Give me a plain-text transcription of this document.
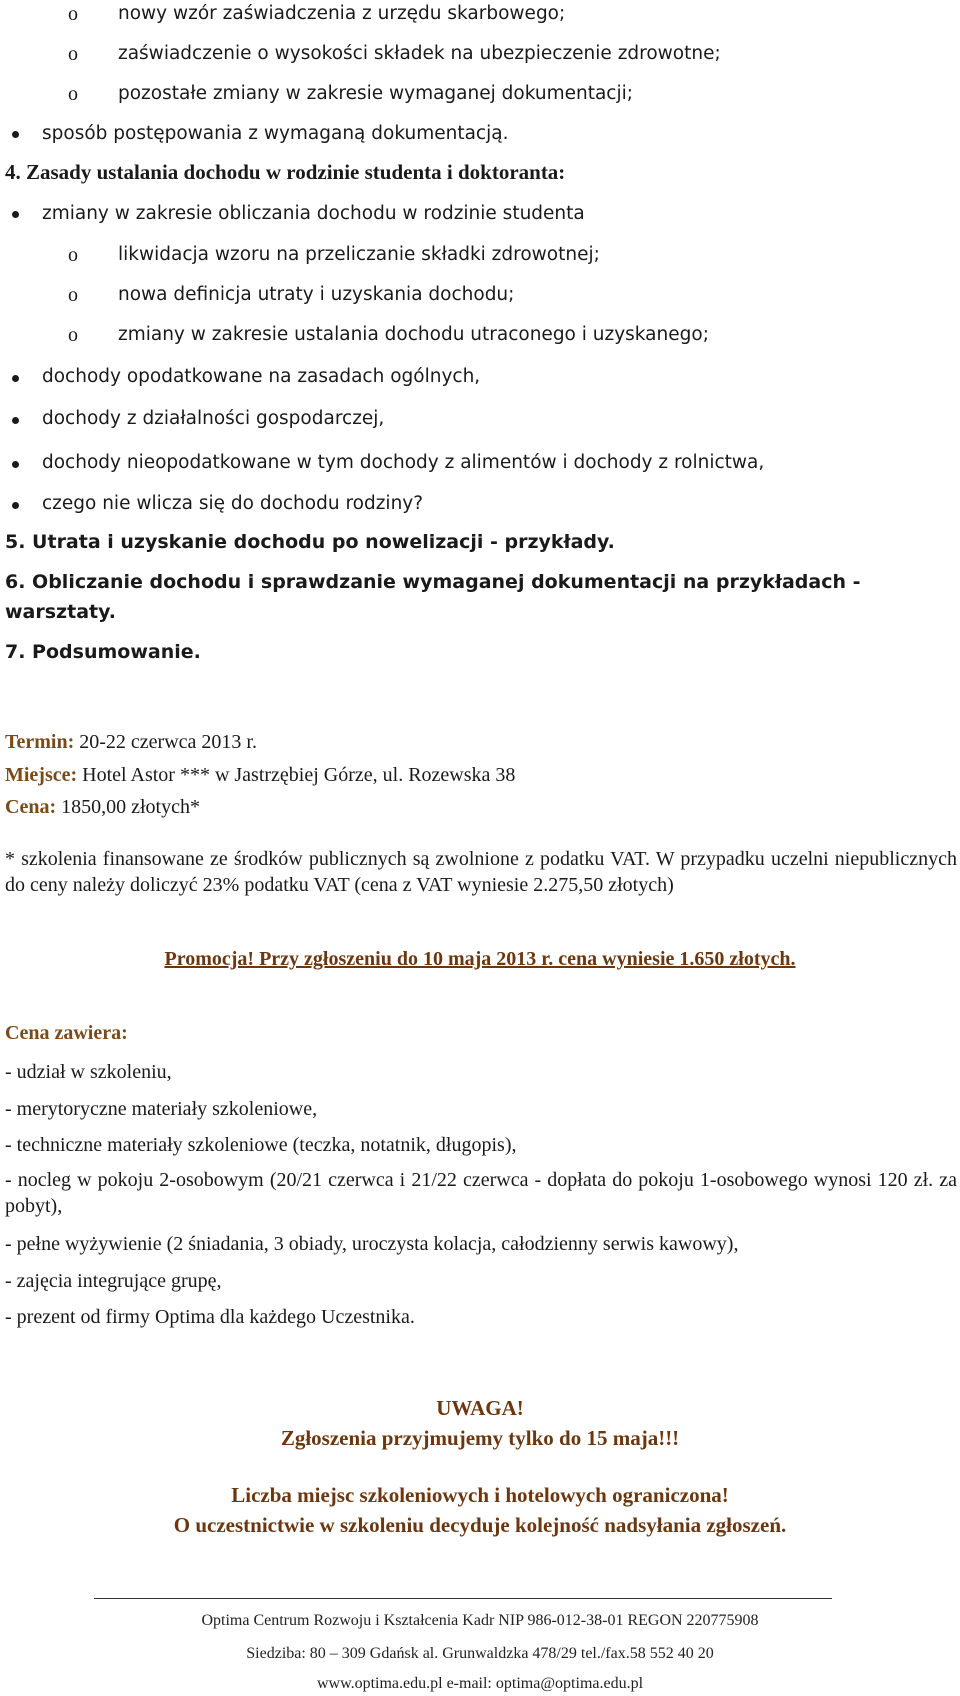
o nowy wzór zaświadczenia z urzędu skarbowego;
o zaświadczenie o wysokości składek na ubezpieczenie zdrowotne;
o pozostałe zmiany w zakresie wymaganej dokumentacji;
sposób postępowania z wymaganą dokumentacją.
4. Zasady ustalania dochodu w rodzinie studenta i doktoranta:
zmiany w zakresie obliczania dochodu w rodzinie studenta
o likwidacja wzoru na przeliczanie składki zdrowotnej;
o nowa definicja utraty i uzyskania dochodu;
o zmiany w zakresie ustalania dochodu utraconego i uzyskanego;
dochody opodatkowane na zasadach ogólnych,
dochody z działalności gospodarczej,
dochody nieopodatkowane w tym dochody z alimentów i dochody z rolnictwa,
czego nie wlicza się do dochodu rodziny?
5. Utrata i uzyskanie dochodu po nowelizacji - przykłady.
6. Obliczanie dochodu i sprawdzanie wymaganej dokumentacji na przykładach -
warsztaty.
7. Podsumowanie.
Termin: 20-22 czerwca 2013 r.
Miejsce: Hotel Astor *** w Jastrzębiej Górze, ul. Rozewska 38
Cena: 1850,00 złotych*
* szkolenia finansowane ze środków publicznych są zwolnione z podatku VAT. W przypadku uczelni niepublicznych do ceny należy doliczyć 23% podatku VAT (cena z VAT wyniesie 2.275,50 złotych)
Promocja! Przy zgłoszeniu do 10 maja 2013 r. cena wyniesie 1.650 złotych.
Cena zawiera:
- udział w szkoleniu,
- merytoryczne materiały szkoleniowe,
- techniczne materiały szkoleniowe (teczka, notatnik, długopis),
- nocleg w pokoju 2-osobowym (20/21 czerwca i 21/22 czerwca - dopłata do pokoju 1-osobowego wynosi 120 zł. za pobyt),
- pełne wyżywienie (2 śniadania, 3 obiady, uroczysta kolacja, całodzienny serwis kawowy),
- zajęcia integrujące grupę,
- prezent od firmy Optima dla każdego Uczestnika.
UWAGA!
Zgłoszenia przyjmujemy tylko do 15 maja!!!
Liczba miejsc szkoleniowych i hotelowych ograniczona!
O uczestnictwie w szkoleniu decyduje kolejność nadsyłania zgłoszeń.
Optima Centrum Rozwoju i Kształcenia Kadr NIP 986-012-38-01 REGON 220775908
Siedziba: 80 – 309 Gdańsk al. Grunwaldzka 478/29 tel./fax.58 552 40 20
www.optima.edu.pl e-mail: optima@optima.edu.pl
